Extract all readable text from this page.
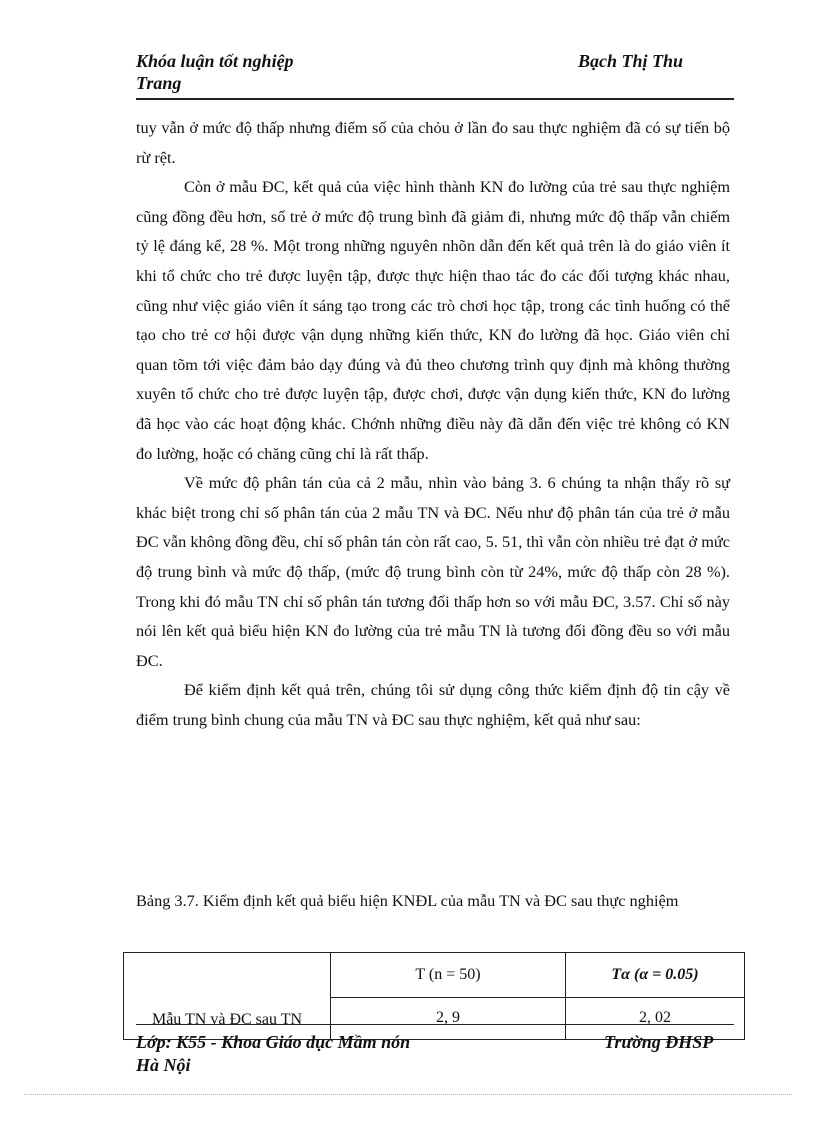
Khóa luận tốt nghiệp	Bạch Thị Thu
Trang

tuy vẫn ở mức độ thấp nhưng điểm số của chỏu ở lần đo sau thực nghiệm đã có sự tiến bộ rừ rệt.

Còn ở mẫu ĐC, kết quả của việc hình thành KN đo lường của trẻ sau thực nghiệm cũng đồng đều hơn, số trẻ ở mức độ trung bình đã giảm đi, nhưng mức độ thấp vẫn chiếm tỷ lệ đáng kể, 28 %. Một trong những nguyên nhõn dẫn đến kết quả trên là do giáo viên ít khi tổ chức cho trẻ được luyện tập, được thực hiện thao tác đo các đối tượng khác nhau, cũng như việc giáo viên ít sáng tạo trong các trò chơi học tập, trong các tình huống có thể tạo cho trẻ cơ hội được vận dụng những kiến thức, KN đo lường đã học. Giáo viên chỉ quan tõm tới việc đảm bảo dạy đúng và đủ theo chương trình quy định mà không thường xuyên tổ chức cho trẻ được luyện tập, được chơi, được vận dụng kiến thức, KN đo lường đã học vào các hoạt động khác. Chớnh những điều này đã dẫn đến việc trẻ không có KN đo lường, hoặc có chăng cũng chỉ là rất thấp.

Về mức độ phân tán của cả 2 mẫu, nhìn vào bảng 3. 6 chúng ta nhận thấy rõ sự khác biệt trong chỉ số phân tán của 2 mẫu TN và ĐC. Nếu như độ phân tán của trẻ ở mẫu ĐC vẫn không đồng đều, chỉ số phân tán còn rất cao, 5. 51, thì vẫn còn nhiều trẻ đạt ở mức độ trung bình và mức độ thấp, (mức độ trung bình còn từ 24%, mức độ thấp còn 28 %). Trong khi đó mẫu TN chỉ số phân tán tương đối thấp hơn so với mẫu ĐC, 3.57. Chỉ số này nói lên kết quả biểu hiện KN đo lường của trẻ mẫu TN là tương đối đồng đều so với mẫu ĐC.

Để kiểm định kết quả trên, chúng tôi sử dụng công thức kiểm định độ tin cậy về điểm trung bình chung của mẫu TN và ĐC sau thực nghiệm, kết quả như sau:

Bảng 3.7. Kiểm định kết quả biểu hiện KNĐL của mẫu TN và ĐC sau thực nghiệm
Mẫu TN và ĐC sau TN	T (n = 50)	Tα (α = 0.05)
	2, 9	2, 02
Lớp: K55 - Khoa Giáo dục Mầm nón	Trường ĐHSP
Hà Nội
